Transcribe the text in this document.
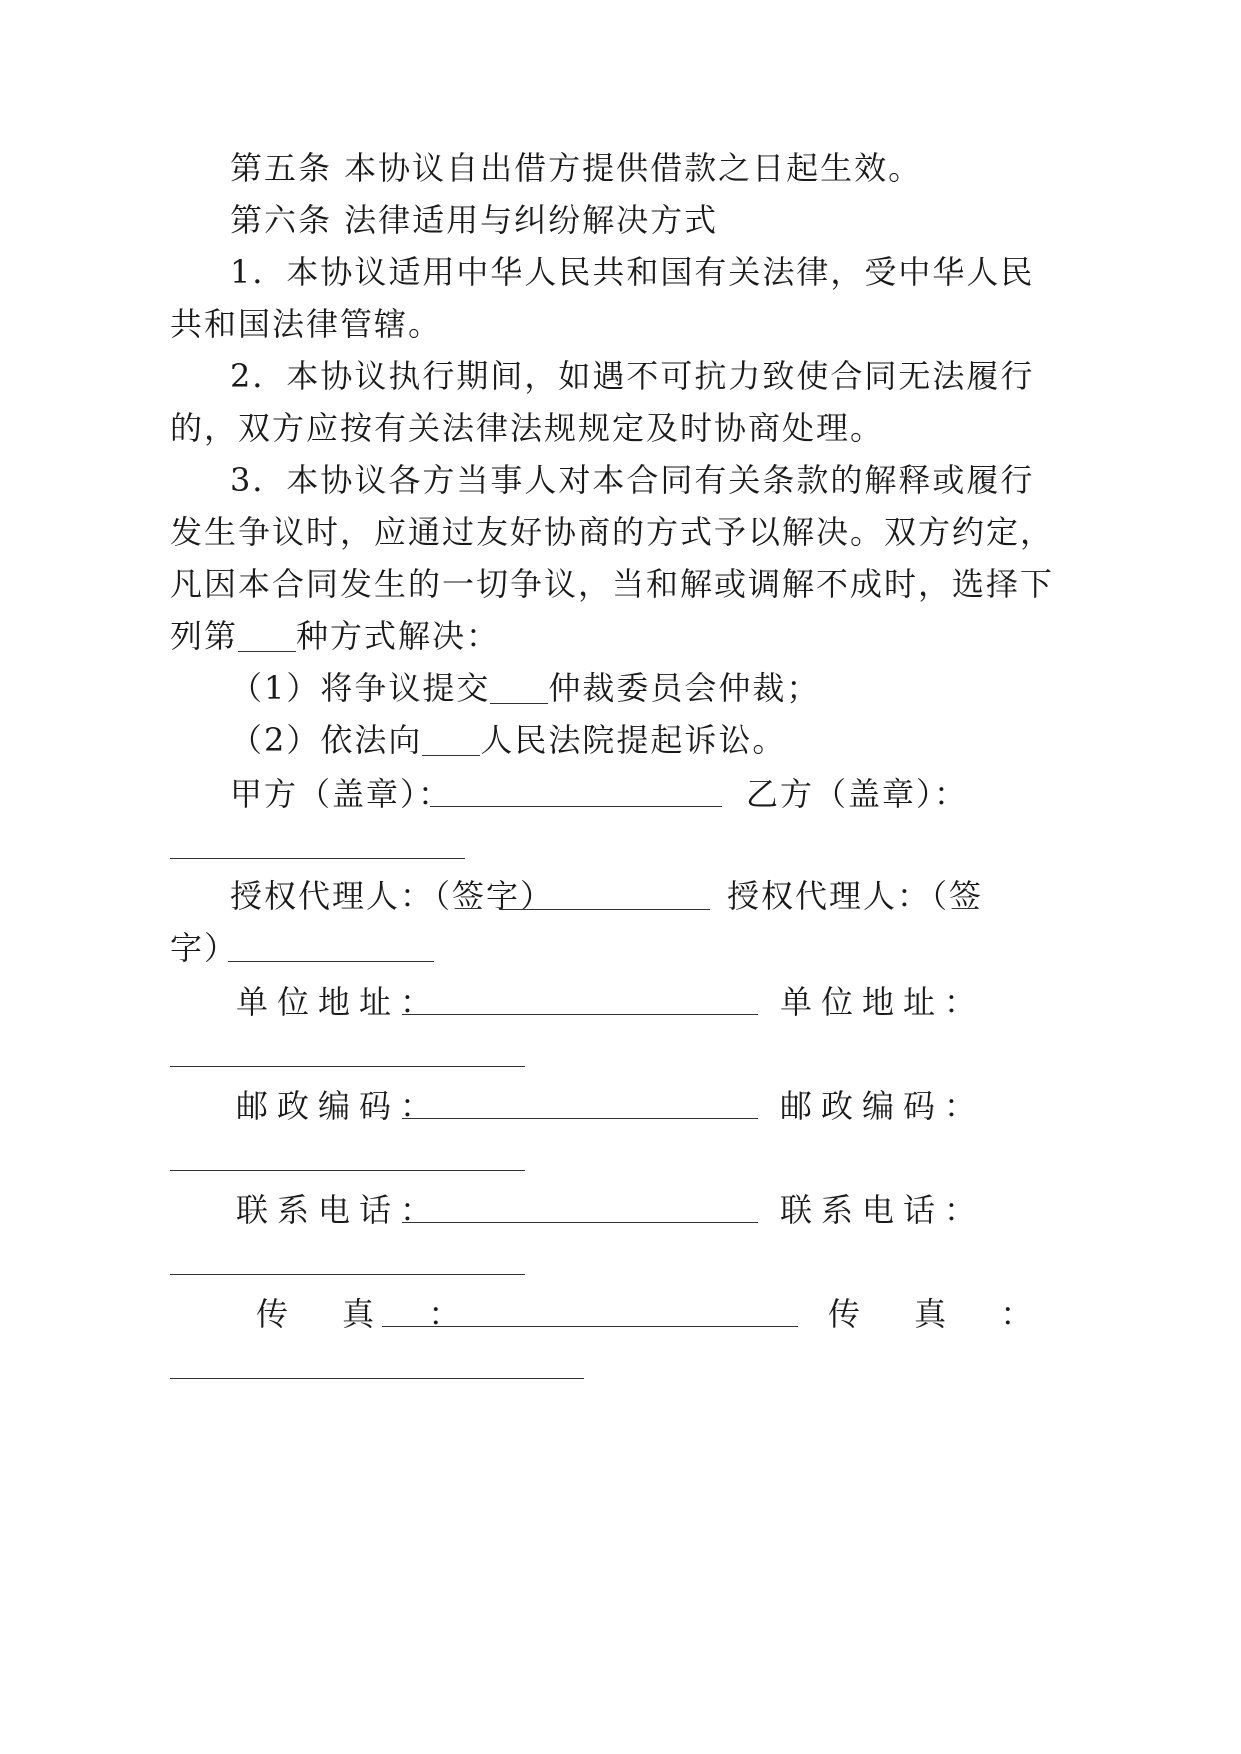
第五条 本协议自出借方提供借款之日起生效。
第六条 法律适用与纠纷解决方式
1．本协议适用中华人民共和国有关法律，受中华人民
共和国法律管辖。
2．本协议执行期间，如遇不可抗力致使合同无法履行
的，双方应按有关法律法规规定及时协商处理。
3．本协议各方当事人对本合同有关条款的解释或履行
发生争议时，应通过友好协商的方式予以解决。双方约定，
凡因本合同发生的一切争议，当和解或调解不成时，选择下
列第 种方式解决：
（1）将争议提交 仲裁委员会仲裁；
（2）依法向 人民法院提起诉讼。
甲方（盖章）：	乙方（盖章）：
授权代理人：（签字）	授权代理人：（签
字）
单位地址：	单位地址：
邮政编码：	邮政编码：
联系电话：	联系电话：
传 真 ：	传 真 ：
